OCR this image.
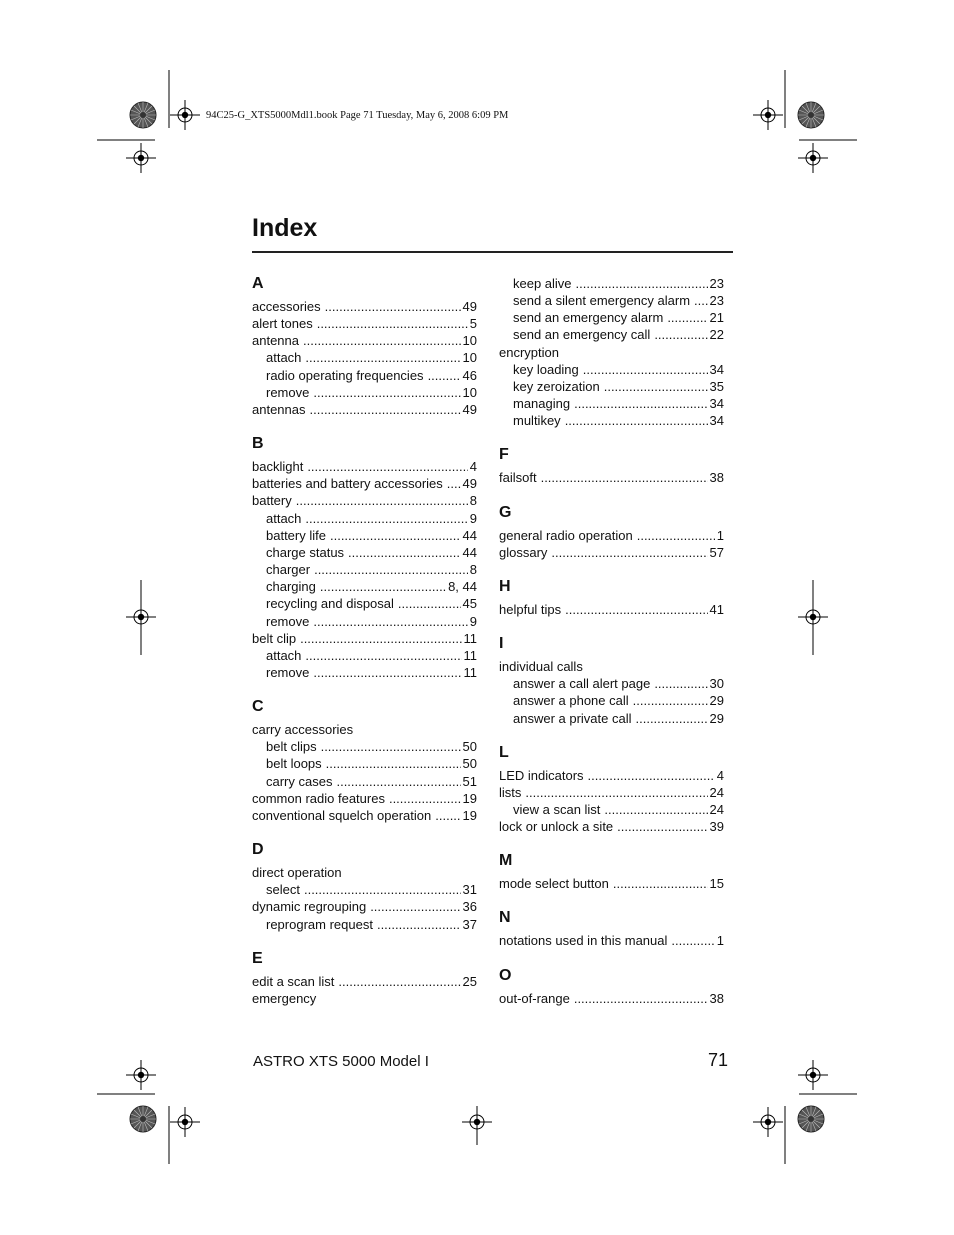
94C25-G_XTS5000Mdl1.book Page 71 Tuesday, May 6, 2008 6:09 PM
Index
A
accessories .....	49
alert tones .....	5
antenna .....	10
attach .....	10
radio operating frequencies .....	46
remove .....	10
antennas .....	49
B
backlight .....	4
batteries and battery accessories ..... 49
battery .....	8
attach .....	9
battery life .....	44
charge status .....	44
charger .....	8
charging .....	8, 44
recycling and disposal .....	45
remove .....	9
belt clip .....	11
attach .....	11
remove .....	11
C
carry accessories
belt clips .....	50
belt loops .....	50
carry cases .....	51
common radio features .....	19
conventional squelch operation ..... 19
D
direct operation
select .....	31
dynamic regrouping .....	36
reprogram request .....	37
E
edit a scan list .....	25
emergency
keep alive .....	23
send a silent emergency alarm ..... 23
send an emergency alarm .....	21
send an emergency call .....	22
encryption
key loading .....	34
key zeroization .....	35
managing .....	34
multikey .....	34
F
failsoft .....	38
G
general radio operation .....	1
glossary .....	57
H
helpful tips .....	41
I
individual calls
answer a call alert page .....	30
answer a phone call .....	29
answer a private call .....	29
L
LED indicators .....	4
lists .....	24
view a scan list .....	24
lock or unlock a site .....	39
M
mode select button .....	15
N
notations used in this manual .....	1
O
out-of-range .....	38
ASTRO XTS 5000 Model I	71
